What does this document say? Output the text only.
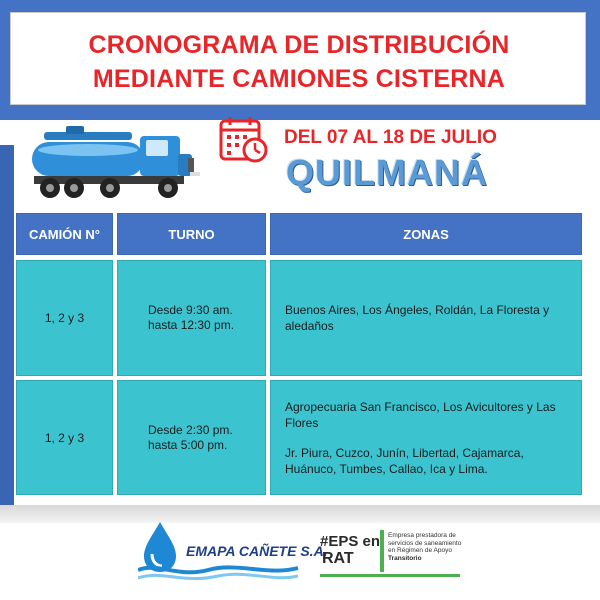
CRONOGRAMA DE DISTRIBUCIÓN
MEDIANTE CAMIONES CISTERNA
DEL 07 AL 18 DE JULIO
QUILMANÁ
CAMIÓN N°	TURNO	ZONAS
1, 2 y 3
Desde 9:30 am.
hasta 12:30 pm.
Buenos Aires, Los Ángeles, Roldán, La Floresta y aledaños
1, 2 y 3
Desde 2:30 pm.
hasta 5:00 pm.
Agropecuaria San Francisco, Los Avicultores y Las Flores
Jr. Piura, Cuzco, Junín, Libertad, Cajamarca, Huánuco, Tumbes, Callao, Ica y Lima.
EMAPA CAÑETE S.A.
#EPS en
RAT
Empresa prestadora de servicios de saneamiento en Régimen de Apoyo Transitorio
